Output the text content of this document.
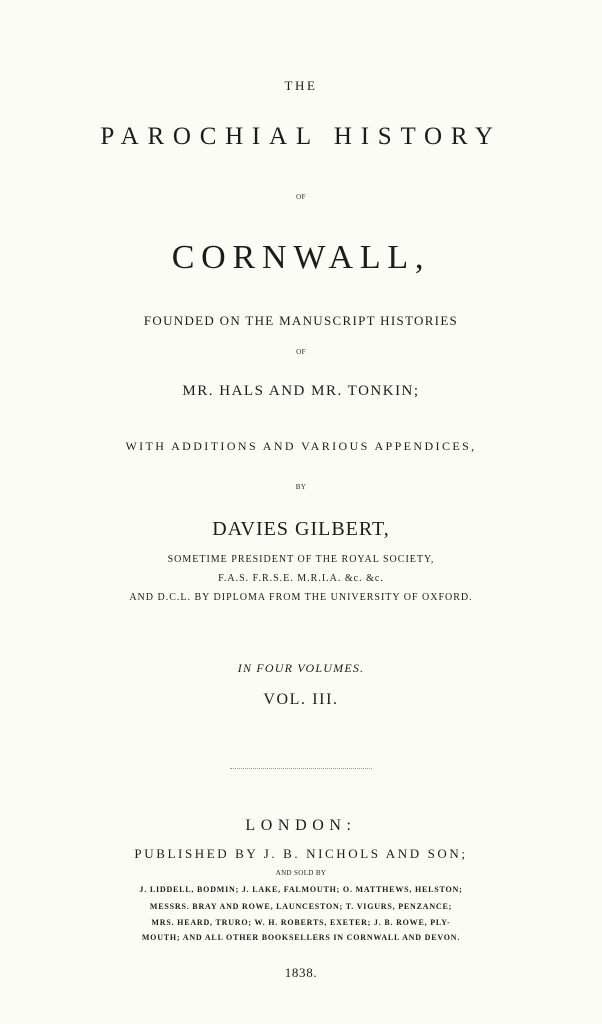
THE
PAROCHIAL HISTORY
OF
CORNWALL,
FOUNDED ON THE MANUSCRIPT HISTORIES
OF
MR. HALS AND MR. TONKIN;
WITH ADDITIONS AND VARIOUS APPENDICES,
BY
DAVIES GILBERT,
SOMETIME PRESIDENT OF THE ROYAL SOCIETY,
F.A.S. F.R.S.E. M.R.I.A. &c. &c.
AND D.C.L. BY DIPLOMA FROM THE UNIVERSITY OF OXFORD.
IN FOUR VOLUMES.
VOL. III.
LONDON:
PUBLISHED BY J. B. NICHOLS AND SON;
AND SOLD BY
J. LIDDELL, BODMIN; J. LAKE, FALMOUTH; O. MATTHEWS, HELSTON;
MESSRS. BRAY AND ROWE, LAUNCESTON; T. VIGURS, PENZANCE;
MRS. HEARD, TRURO; W. H. ROBERTS, EXETER; J. B. ROWE, PLY-
MOUTH; AND ALL OTHER BOOKSELLERS IN CORNWALL AND DEVON.
1838.
